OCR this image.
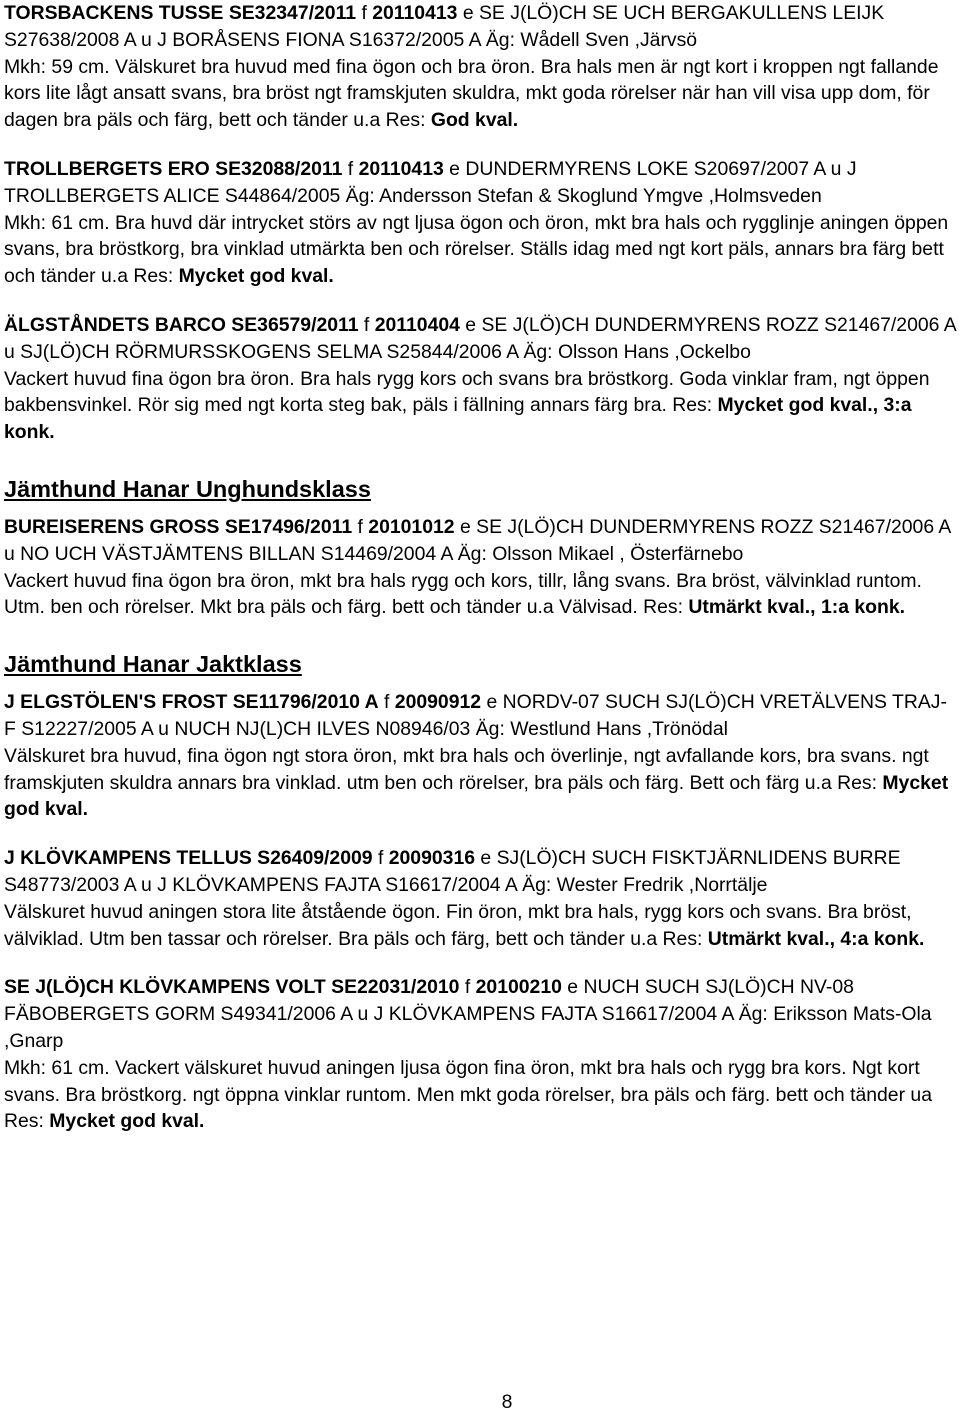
TORSBACKENS TUSSE SE32347/2011 f 20110413 e SE J(LÖ)CH SE UCH BERGAKULLENS LEIJK S27638/2008 A u J BORÅSENS FIONA S16372/2005 A Äg: Wådell Sven ,Järvsö
Mkh: 59 cm. Välskuret bra huvud med fina ögon och bra öron. Bra hals men är ngt kort i kroppen ngt fallande kors lite lågt ansatt svans, bra bröst ngt framskjuten skuldra, mkt goda rörelser när han vill visa upp dom, för dagen bra päls och färg, bett och tänder u.a Res: God kval.
TROLLBERGETS ERO SE32088/2011 f 20110413 e DUNDERMYRENS LOKE S20697/2007 A u J TROLLBERGETS ALICE S44864/2005 Äg: Andersson Stefan & Skoglund Ymgve ,Holmsveden
Mkh: 61 cm. Bra huvd där intrycket störs av ngt ljusa ögon och öron, mkt bra hals och rygglinje aningen öppen svans, bra bröstkorg, bra vinklad utmärkta ben och rörelser. Ställs idag med ngt kort päls, annars bra färg bett och tänder u.a Res: Mycket god kval.
ÄLGSTÅNDETS BARCO SE36579/2011 f 20110404 e SE J(LÖ)CH DUNDERMYRENS ROZZ S21467/2006 A u SJ(LÖ)CH RÖRMURSSKOGENS SELMA S25844/2006 A Äg: Olsson Hans ,Ockelbo
Vackert huvud fina ögon bra öron. Bra hals rygg kors och svans bra bröstkorg. Goda vinklar fram, ngt öppen bakbensvinkel. Rör sig med ngt korta steg bak, päls i fällning annars färg bra. Res: Mycket god kval., 3:a konk.
Jämthund Hanar Unghundsklass
BUREISERENS GROSS SE17496/2011 f 20101012 e SE J(LÖ)CH DUNDERMYRENS ROZZ S21467/2006 A u NO UCH VÄSTJÄMTENS BILLAN S14469/2004 A Äg: Olsson Mikael , Österfärnebo
Vackert huvud fina ögon bra öron, mkt bra hals rygg och kors, tillr, lång svans. Bra bröst, välvinklad runtom. Utm. ben och rörelser. Mkt bra päls och färg. bett och tänder u.a Välvisad. Res: Utmärkt kval., 1:a konk.
Jämthund Hanar Jaktklass
J ELGSTÖLEN'S FROST SE11796/2010 A f 20090912 e NORDV-07 SUCH SJ(LÖ)CH VRETÄLVENS TRAJ-F S12227/2005 A u NUCH NJ(L)CH ILVES N08946/03 Äg: Westlund Hans ,Trönödal
Välskuret bra huvud, fina ögon ngt stora öron, mkt bra hals och överlinje, ngt avfallande kors, bra svans. ngt framskjuten skuldra annars bra vinklad. utm ben och rörelser, bra päls och färg. Bett och färg u.a Res: Mycket god kval.
J KLÖVKAMPENS TELLUS S26409/2009 f 20090316 e SJ(LÖ)CH SUCH FISKTJÄRNLIDENS BURRE S48773/2003 A u J KLÖVKAMPENS FAJTA S16617/2004 A Äg: Wester Fredrik ,Norrtälje
Välskuret huvud aningen stora lite åtstående ögon. Fin öron, mkt bra hals, rygg kors och svans. Bra bröst, välviklad. Utm ben tassar och rörelser. Bra päls och färg, bett och tänder u.a Res: Utmärkt kval., 4:a konk.
SE J(LÖ)CH KLÖVKAMPENS VOLT SE22031/2010 f 20100210 e NUCH SUCH SJ(LÖ)CH NV-08 FÄBOBERGETS GORM S49341/2006 A u J KLÖVKAMPENS FAJTA S16617/2004 A Äg: Eriksson Mats-Ola ,Gnarp
Mkh: 61 cm. Vackert välskuret huvud aningen ljusa ögon fina öron, mkt bra hals och rygg bra kors. Ngt kort svans. Bra bröstkorg. ngt öppna vinklar runtom. Men mkt goda rörelser, bra päls och färg. bett och tänder ua Res: Mycket god kval.
8
